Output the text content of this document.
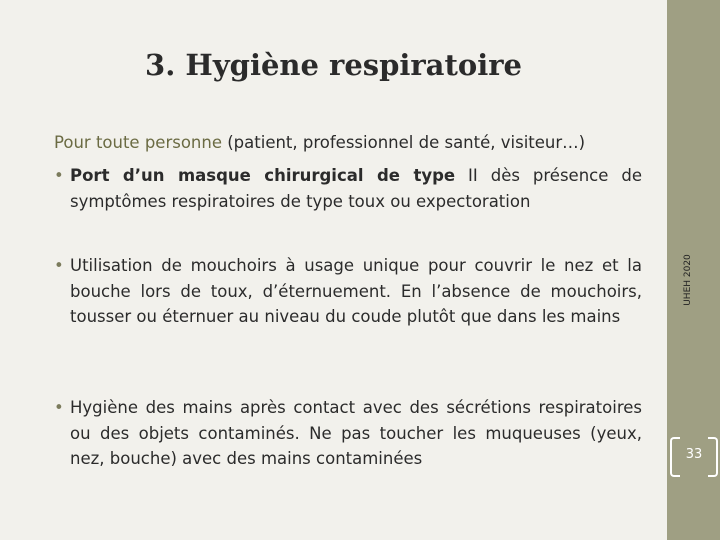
3. Hygiène respiratoire
Pour toute personne (patient, professionnel de santé, visiteur…)
• Port d’un masque chirurgical de type II dès présence de symptômes respiratoires de type toux ou expectoration
• Utilisation de mouchoirs à usage unique pour couvrir le nez et la bouche lors de toux, d’éternuement. En l’absence de mouchoirs, tousser ou éternuer au niveau du coude plutôt que dans les mains
• Hygiène des mains après contact avec des sécrétions respiratoires ou des objets contaminés. Ne pas toucher les muqueuses (yeux, nez, bouche) avec des mains contaminées
UHEH 2020
33
